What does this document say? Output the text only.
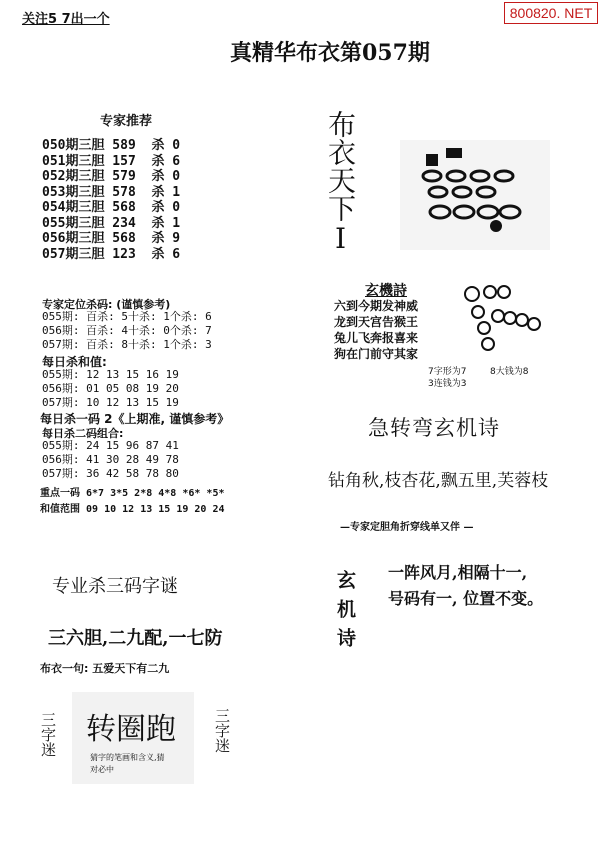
800820. NET
关注5 7出一个
真精华布衣第057期
专家推荐
050期三胆 589  杀 0
051期三胆 157  杀 6
052期三胆 579  杀 0
053期三胆 578  杀 1
054期三胆 568  杀 0
055期三胆 234  杀 1
056期三胆 568  杀 9
057期三胆 123  杀 6
专家定位杀码: (谨慎参考)
055期: 百杀: 5十杀: 1个杀: 6
056期: 百杀: 4十杀: 0个杀: 7
057期: 百杀: 8十杀: 1个杀: 3
每日杀和值:
055期: 12 13 15 16 19
056期: 01 05 08 19 20
057期: 10 12 13 15 19
每日杀一码 2《上期准, 谨慎参考》
每日杀二码组合:
055期: 24 15 96 87 41
056期: 41 30 28 49 78
057期: 36 42 58 78 80
重点一码 6*7 3*5 2*8 4*8 *6* *5*
和值范围 09 10 12 13 15 19 20 24
专业杀三码字谜
三六胆,二九配,一七防
布衣一句: 五爱天下有二九
三字迷 转圈跑
猜字的笔画和含义,猜
对必中
三字迷
布衣天下I
玄機詩
六到今期发神威
龙到天宫告猴王
兔儿飞奔报喜来
狗在门前守其家
7字形为7	8大钱为8
3连钱为3
急转弯玄机诗
钻角秋,枝杏花,飘五里,芙蓉枝
—专家定胆角折穿线单又伴 —
玄机诗 一阵风月,相隔十一,
号码有一, 位置不变。
